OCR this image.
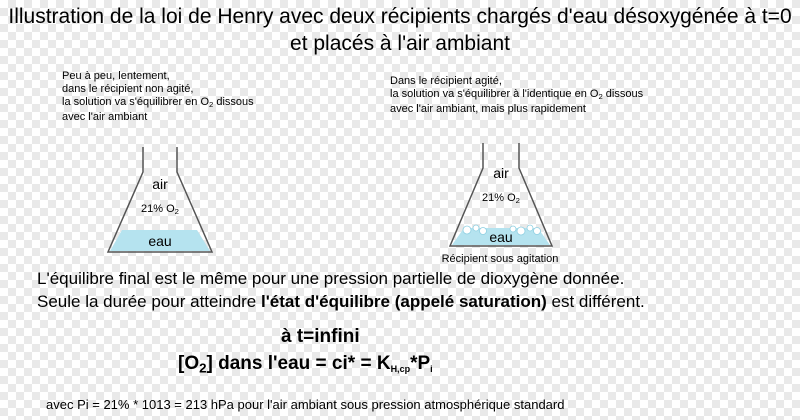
Illustration de la loi de Henry avec deux récipients chargés d'eau désoxygénée à t=0
et placés à l'air ambiant
Peu à peu, lentement,
dans le récipient non agité,
la solution va s'équilibrer en $O_2$ dissous
avec l'air ambiant
Dans le récipient agité,
la solution va s'équilibrer à l'identique en $O_2$ dissous
avec l'air ambiant, mais plus rapidement
air
21% $O_2$
eau
air
21% $O_2$
eau
Récipient sous agitation
L'équilibre final est le même pour une pression partielle de dioxygène donnée.
Seule la durée pour atteindre l'état d'équilibre (appelé saturation) est différent.
à t=infini
$[O_2]$ dans $l'eau = ci* = K_{H,cp}*P_i$
avec Pi = 21% * 1013 = 213 hPa pour l'air ambiant sous pression atmosphérique standard
